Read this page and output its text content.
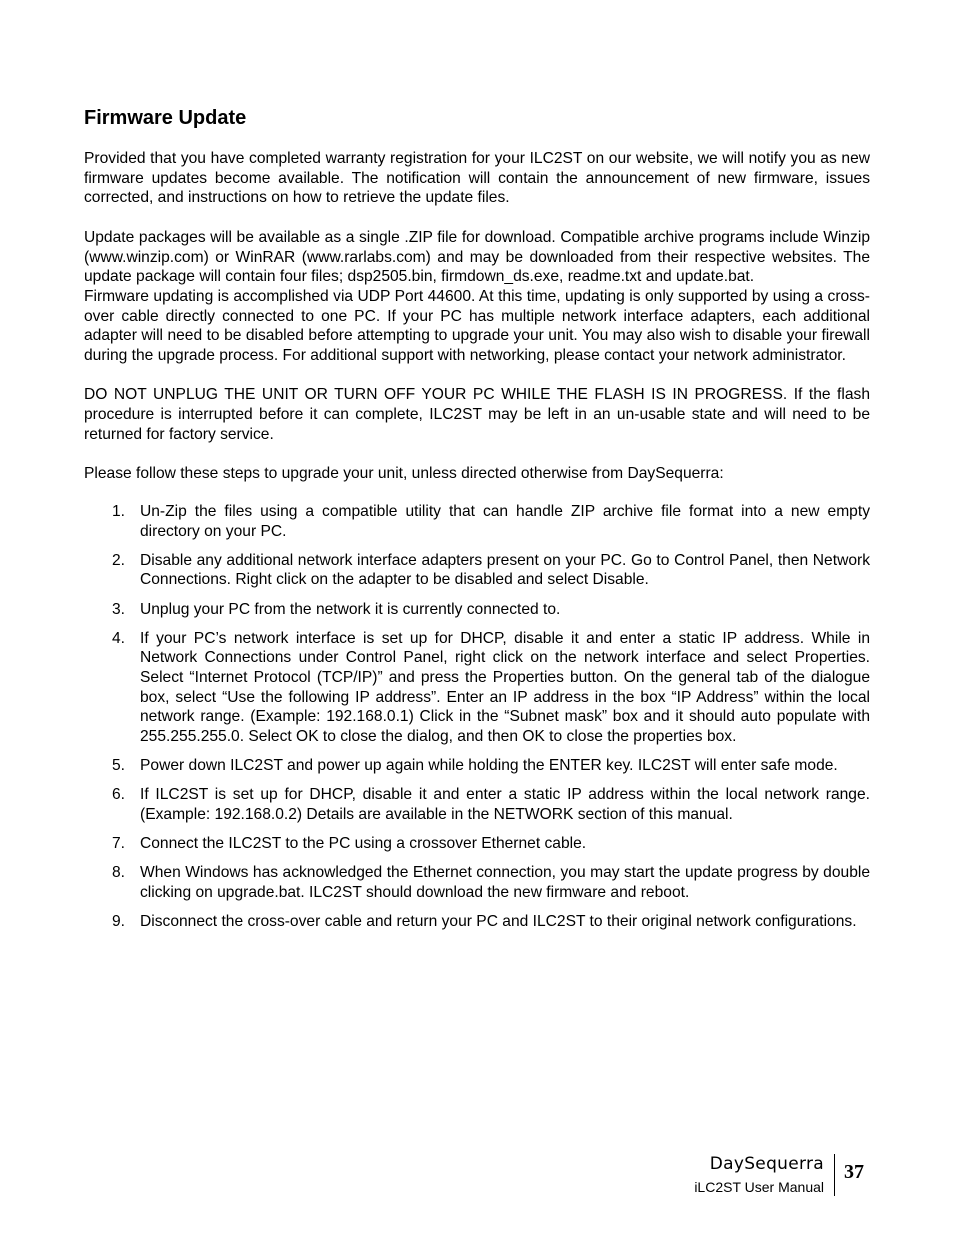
Firmware Update

Provided that you have completed warranty registration for your ILC2ST on our website, we will notify you as new firmware updates become available. The notification will contain the announcement of new firmware, issues corrected, and instructions on how to retrieve the update files.

Update packages will be available as a single .ZIP file for download. Compatible archive programs include Winzip (www.winzip.com) or WinRAR (www.rarlabs.com) and may be downloaded from their respective websites. The update package will contain four files; dsp2505.bin, firmdown_ds.exe, readme.txt and update.bat.

Firmware updating is accomplished via UDP Port 44600. At this time, updating is only supported by using a cross-over cable directly connected to one PC. If your PC has multiple network interface adapters, each additional adapter will need to be disabled before attempting to upgrade your unit. You may also wish to disable your firewall during the upgrade process. For additional support with networking, please contact your network administrator.

DO NOT UNPLUG THE UNIT OR TURN OFF YOUR PC WHILE THE FLASH IS IN PROGRESS. If the flash procedure is interrupted before it can complete, ILC2ST may be left in an un-usable state and will need to be returned for factory service.

Please follow these steps to upgrade your unit, unless directed otherwise from DaySequerra:

1. Un-Zip the files using a compatible utility that can handle ZIP archive file format into a new empty directory on your PC.
2. Disable any additional network interface adapters present on your PC. Go to Control Panel, then Network Connections. Right click on the adapter to be disabled and select Disable.
3. Unplug your PC from the network it is currently connected to.
4. If your PC’s network interface is set up for DHCP, disable it and enter a static IP address. While in Network Connections under Control Panel, right click on the network interface and select Properties. Select “Internet Protocol (TCP/IP)” and press the Properties button. On the general tab of the dialogue box, select “Use the following IP address”. Enter an IP address in the box “IP Address” within the local network range. (Example: 192.168.0.1) Click in the “Subnet mask” box and it should auto populate with 255.255.255.0. Select OK to close the dialog, and then OK to close the properties box.
5. Power down ILC2ST and power up again while holding the ENTER key. ILC2ST will enter safe mode.
6. If ILC2ST is set up for DHCP, disable it and enter a static IP address within the local network range. (Example: 192.168.0.2) Details are available in the NETWORK section of this manual.
7. Connect the ILC2ST to the PC using a crossover Ethernet cable.
8. When Windows has acknowledged the Ethernet connection, you may start the update progress by double clicking on upgrade.bat. ILC2ST should download the new firmware and reboot.
9. Disconnect the cross-over cable and return your PC and ILC2ST to their original network configurations.
DaySequerra
iLC2ST User Manual
37
